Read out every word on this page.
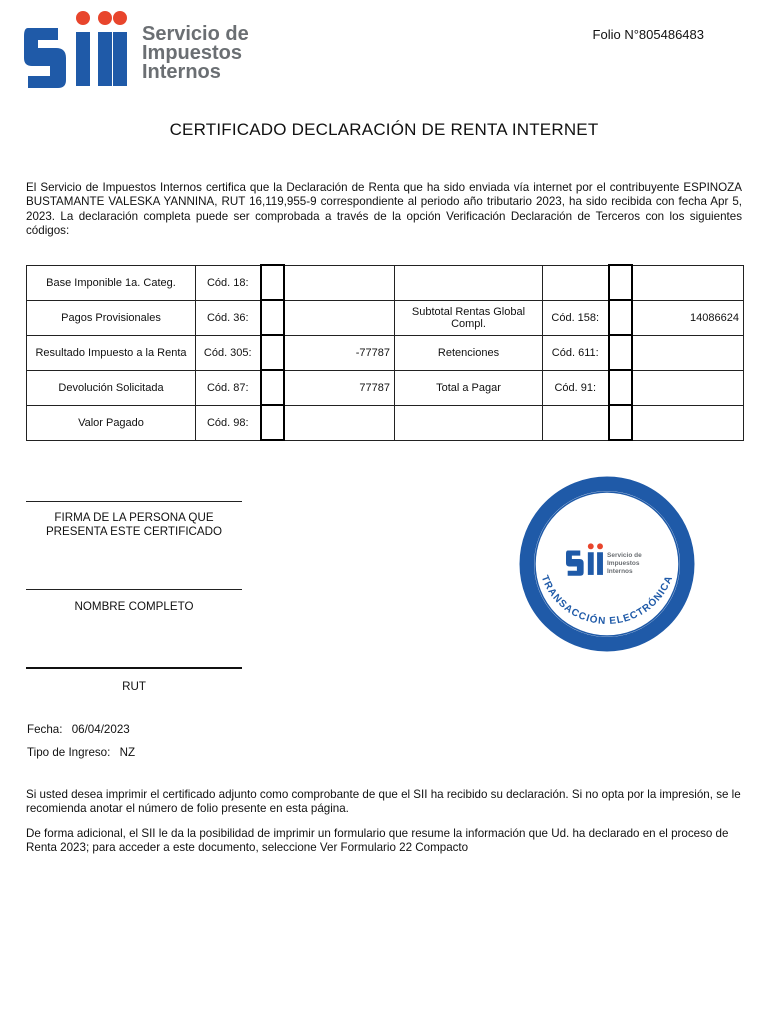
Servicio de
Impuestos
Internos
Folio N°805486483
CERTIFICADO DECLARACIÓN DE RENTA INTERNET
El Servicio de Impuestos Internos certifica que la Declaración de Renta que ha sido enviada vía internet por el contribuyente ESPINOZA BUSTAMANTE VALESKA YANNINA, RUT 16,119,955-9 correspondiente al periodo año tributario 2023, ha sido recibida con fecha Apr 5, 2023. La declaración completa puede ser comprobada a través de la opción Verificación Declaración de Terceros con los siguientes códigos:
Base Imponible 1a. Categ.	Cód. 18:						
Pagos Provisionales	Cód. 36:			Subtotal Rentas Global Compl.	Cód. 158:		14086624
Resultado Impuesto a la Renta	Cód. 305:		-77787	Retenciones	Cód. 611:		
Devolución Solicitada	Cód. 87:		77787	Total a Pagar	Cód. 91:		
Valor Pagado	Cód. 98:						
FIRMA DE LA PERSONA QUE
PRESENTA ESTE CERTIFICADO
NOMBRE COMPLETO
RUT
Fecha: 06/04/2023
Tipo de Ingreso: NZ
Si usted desea imprimir el certificado adjunto como comprobante de que el SII ha recibido su declaración. Si no opta por la impresión, se le recomienda anotar el número de folio presente en esta página.
De forma adicional, el SII le da la posibilidad de imprimir un formulario que resume la información que Ud. ha declarado en el proceso de Renta 2023; para acceder a este documento, seleccione Ver Formulario 22 Compacto
COMPROBANTE
TRANSACCIÓN ELECTRÓNICA
Servicio de
Impuestos
Internos
